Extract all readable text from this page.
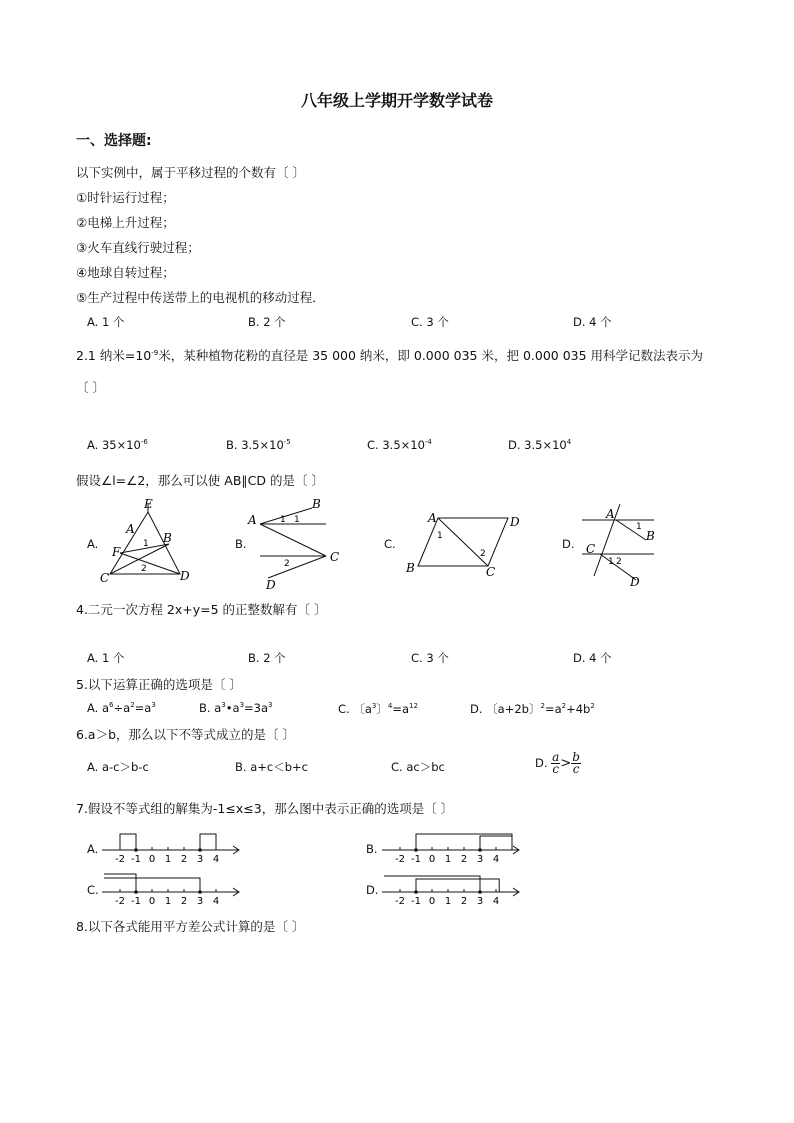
八年级上学期开学数学试卷
一、选择题:
以下实例中，属于平移过程的个数有〔 〕
①时针运行过程；
②电梯上升过程；
③火车直线行驶过程；
④地球自转过程；
⑤生产过程中传送带上的电视机的移动过程．
A. 1 个	B. 2 个	C. 3 个	D. 4 个
2.1 纳米$=10^{-9}$米，某种植物花粉的直径是 35 000 纳米，即 0.000 035 米，把 0.000 035 用科学记数法表示为
〔 〕
A. $35\times 10^{-6}$	B. $3.5\times 10^{-5}$	C. $3.5\times 10^{-4}$	D. $3.5\times 10^4$
假设∠l=∠2，那么可以使 AB∥CD 的是〔 〕
A.	B.	C.	D.
E
A
B
F
C	D
1
2
A
B
C
D
1 1
2
A	D
B	C
1
2
A
B
C
D
1
1 2
4.二元一次方程 2x+y=5 的正整数解有〔 〕
A. 1 个	B. 2 个	C. 3 个	D. 4 个
5.以下运算正确的选项是〔 〕
A. $a^6\div a^2=a^3$	B. $a^3•a^3=3a^3$	C. 〔$a^3$〕$^4=a^{12}$	D. 〔a+2b〕$^2=a^2+4b^2$
6.a＞b，那么以下不等式成立的是〔 〕
A. a-c＞b-c	B. a+c＜b+c	C. ac＞bc	D. $\frac{a}{c} > \frac{b}{c}$
7.假设不等式组的解集为-1≤x≤3，那么图中表示正确的选项是〔 〕
A.	B.
C.	D.
-2 -1 0 1 2 3 4	-2 -1 0 1 2 3 4
-2 -1 0 1 2 3 4	-2 -1 0 1 2 3 4
8.以下各式能用平方差公式计算的是〔 〕
